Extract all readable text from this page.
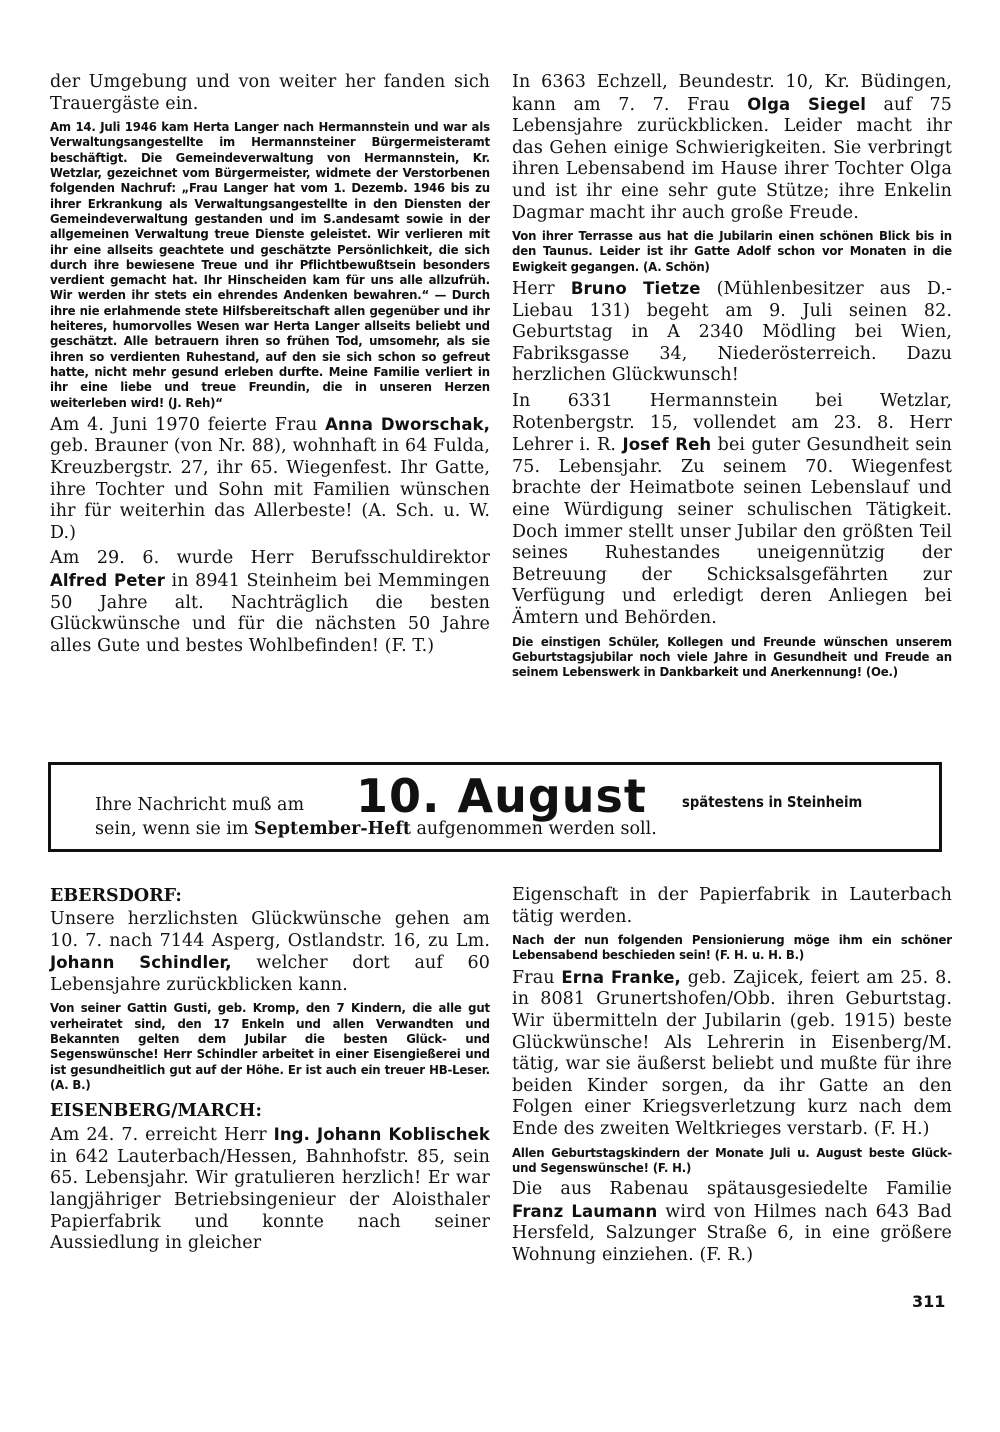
der Umgebung und von weiter her fanden sich Trauergäste ein.

Am 14. Juli 1946 kam Herta Langer nach Hermannstein und war als Verwaltungsangestellte im Hermannsteiner Bürgermeisteramt beschäftigt. Die Gemeindeverwaltung von Hermannstein, Kr. Wetzlar, gezeichnet vom Bürgermeister, widmete der Verstorbenen folgenden Nachruf: „Frau Langer hat vom 1. Dezemb. 1946 bis zu ihrer Erkrankung als Verwaltungsangestellte in den Diensten der Gemeindeverwaltung gestanden und im S.andesamt sowie in der allgemeinen Verwaltung treue Dienste geleistet. Wir verlieren mit ihr eine allseits geachtete und geschätzte Persönlichkeit, die sich durch ihre bewiesene Treue und ihr Pflichtbewußtsein besonders verdient gemacht hat. Ihr Hinscheiden kam für uns alle allzufrüh. Wir werden ihr stets ein ehrendes Andenken bewahren.“ — Durch ihre nie erlahmende stete Hilfsbereitschaft allen gegenüber und ihr heiteres, humorvolles Wesen war Herta Langer allseits beliebt und geschätzt. Alle betrauern ihren so frühen Tod, umsomehr, als sie ihren so verdienten Ruhestand, auf den sie sich schon so gefreut hatte, nicht mehr gesund erleben durfte. Meine Familie verliert in ihr eine liebe und treue Freundin, die in unseren Herzen weiterleben wird! (J. Reh)“

Am 4. Juni 1970 feierte Frau Anna Dworschak, geb. Brauner (von Nr. 88), wohnhaft in 64 Fulda, Kreuzbergstr. 27, ihr 65. Wiegenfest. Ihr Gatte, ihre Tochter und Sohn mit Familien wünschen ihr für weiterhin das Allerbeste! (A. Sch. u. W. D.)

Am 29. 6. wurde Herr Berufsschuldirektor Alfred Peter in 8941 Steinheim bei Memmingen 50 Jahre alt. Nachträglich die besten Glückwünsche und für die nächsten 50 Jahre alles Gute und bestes Wohlbefinden! (F. T.)

In 6363 Echzell, Beundestr. 10, Kr. Büdingen, kann am 7. 7. Frau Olga Siegel auf 75 Lebensjahre zurückblicken. Leider macht ihr das Gehen einige Schwierigkeiten. Sie verbringt ihren Lebensabend im Hause ihrer Tochter Olga und ist ihr eine sehr gute Stütze; ihre Enkelin Dagmar macht ihr auch große Freude.

Von ihrer Terrasse aus hat die Jubilarin einen schönen Blick bis in den Taunus. Leider ist ihr Gatte Adolf schon vor Monaten in die Ewigkeit gegangen. (A. Schön)

Herr Bruno Tietze (Mühlenbesitzer aus D.-Liebau 131) begeht am 9. Juli seinen 82. Geburtstag in A 2340 Mödling bei Wien, Fabriksgasse 34, Niederösterreich. Dazu herzlichen Glückwunsch!

In 6331 Hermannstein bei Wetzlar, Rotenbergstr. 15, vollendet am 23. 8. Herr Lehrer i. R. Josef Reh bei guter Gesundheit sein 75. Lebensjahr. Zu seinem 70. Wiegenfest brachte der Heimatbote seinen Lebenslauf und eine Würdigung seiner schulischen Tätigkeit. Doch immer stellt unser Jubilar den größten Teil seines Ruhestandes uneigennützig der Betreuung der Schicksalsgefährten zur Verfügung und erledigt deren Anliegen bei Ämtern und Behörden.

Die einstigen Schüler, Kollegen und Freunde wünschen unserem Geburtstagsjubilar noch viele Jahre in Gesundheit und Freude an seinem Lebenswerk in Dankbarkeit und Anerkennung! (Oe.)

Ihre Nachricht muß am 10. August spätestens in Steinheim
sein, wenn sie im September-Heft aufgenommen werden soll.

EBERSDORF:

Unsere herzlichsten Glückwünsche gehen am 10. 7. nach 7144 Asperg, Ostlandstr. 16, zu Lm. Johann Schindler, welcher dort auf 60 Lebensjahre zurückblicken kann.

Von seiner Gattin Gusti, geb. Kromp, den 7 Kindern, die alle gut verheiratet sind, den 17 Enkeln und allen Verwandten und Bekannten gelten dem Jubilar die besten Glück- und Segenswünsche! Herr Schindler arbeitet in einer Eisengießerei und ist gesundheitlich gut auf der Höhe. Er ist auch ein treuer HB-Leser. (A. B.)

EISENBERG/MARCH:

Am 24. 7. erreicht Herr Ing. Johann Koblischek in 642 Lauterbach/Hessen, Bahnhofstr. 85, sein 65. Lebensjahr. Wir gratulieren herzlich! Er war langjähriger Betriebsingenieur der Aloisthaler Papierfabrik und konnte nach seiner Aussiedlung in gleicher

Eigenschaft in der Papierfabrik in Lauterbach tätig werden.

Nach der nun folgenden Pensionierung möge ihm ein schöner Lebensabend beschieden sein! (F. H. u. H. B.)

Frau Erna Franke, geb. Zajicek, feiert am 25. 8. in 8081 Grunertshofen/Obb. ihren Geburtstag. Wir übermitteln der Jubilarin (geb. 1915) beste Glückwünsche! Als Lehrerin in Eisenberg/M. tätig, war sie äußerst beliebt und mußte für ihre beiden Kinder sorgen, da ihr Gatte an den Folgen einer Kriegsverletzung kurz nach dem Ende des zweiten Weltkrieges verstarb. (F. H.)

Allen Geburtstagskindern der Monate Juli u. August beste Glück- und Segenswünsche! (F. H.)

Die aus Rabenau spätausgesiedelte Familie Franz Laumann wird von Hilmes nach 643 Bad Hersfeld, Salzunger Straße 6, in eine größere Wohnung einziehen. (F. R.)

311
